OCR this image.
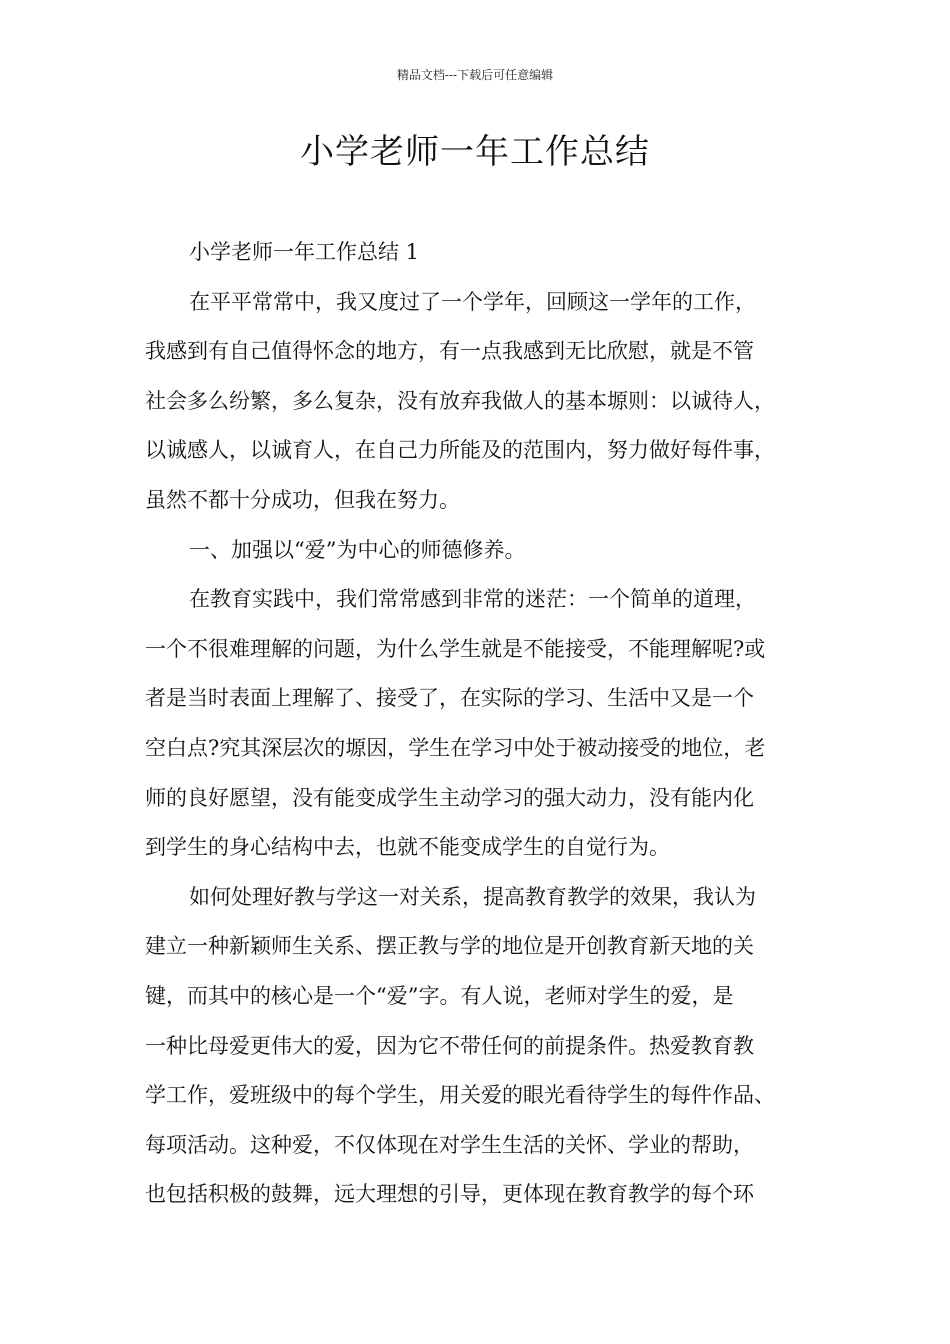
精品文档---下载后可任意编辑
小学老师一年工作总结
小学老师一年工作总结 1
在平平常常中，我又度过了一个学年，回顾这一学年的工作，
我感到有自己值得怀念的地方，有一点我感到无比欣慰，就是不管
社会多么纷繁，多么复杂，没有放弃我做人的基本塬则：以诚待人，
以诚感人，以诚育人，在自己力所能及的范围内，努力做好每件事，
虽然不都十分成功，但我在努力。
一、加强以“爱”为中心的师德修养。
在教育实践中，我们常常感到非常的迷茫：一个简单的道理，
一个不很难理解的问题，为什么学生就是不能接受，不能理解呢?或
者是当时表面上理解了、接受了，在实际的学习、生活中又是一个
空白点?究其深层次的塬因，学生在学习中处于被动接受的地位，老
师的良好愿望，没有能变成学生主动学习的强大动力，没有能内化
到学生的身心结构中去，也就不能变成学生的自觉行为。
如何处理好教与学这一对关系，提高教育教学的效果，我认为
建立一种新颖师生关系、摆正教与学的地位是开创教育新天地的关
键，而其中的核心是一个“爱”字。有人说，老师对学生的爱，是
一种比母爱更伟大的爱，因为它不带任何的前提条件。热爱教育教
学工作，爱班级中的每个学生，用关爱的眼光看待学生的每件作品、
每项活动。这种爱，不仅体现在对学生生活的关怀、学业的帮助，
也包括积极的鼓舞，远大理想的引导，更体现在教育教学的每个环
